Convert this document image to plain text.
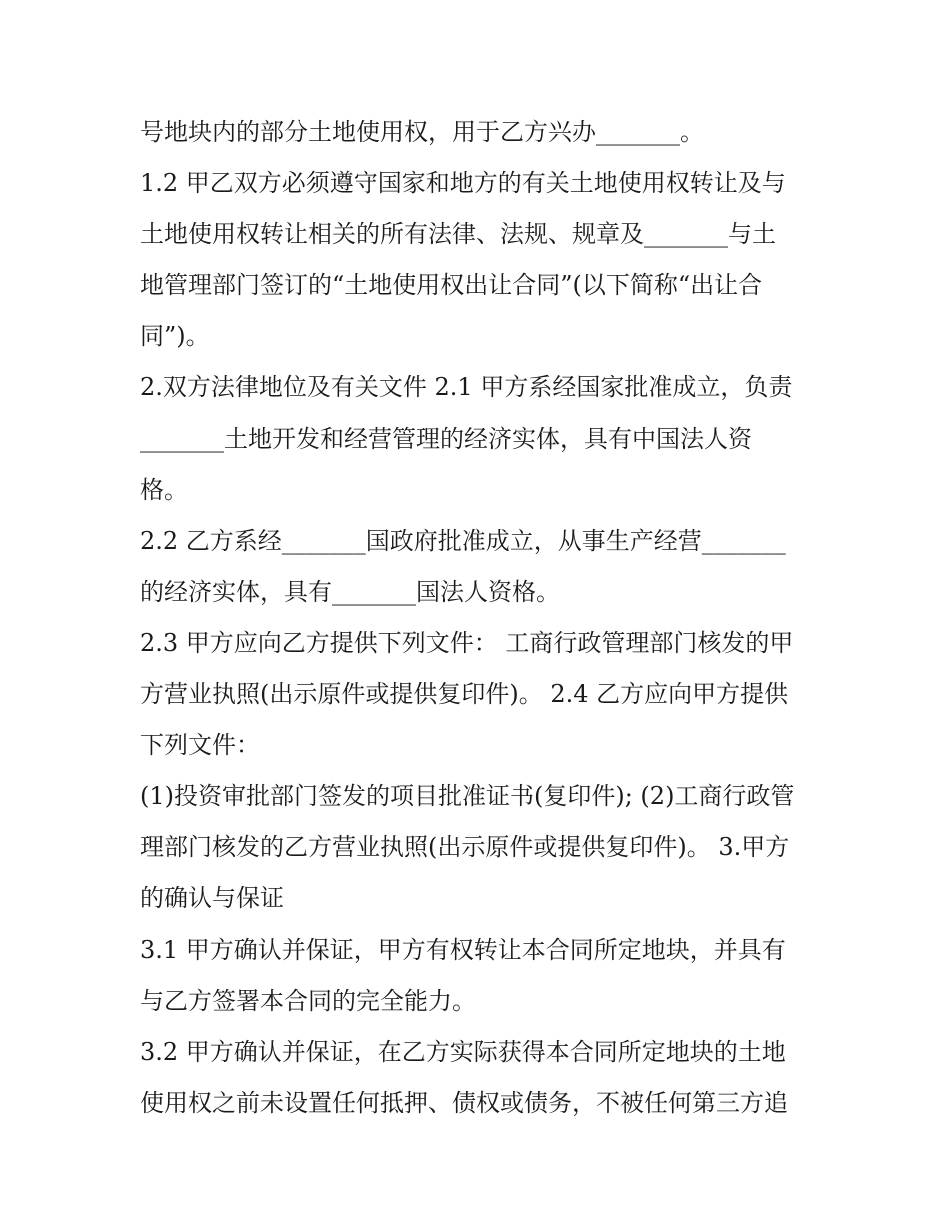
号地块内的部分土地使用权，用于乙方兴办_______。
1.2 甲乙双方必须遵守国家和地方的有关土地使用权转让及与
土地使用权转让相关的所有法律、法规、规章及_______与土
地管理部门签订的“土地使用权出让合同”(以下简称“出让合
同”)。
2.双方法律地位及有关文件 2.1 甲方系经国家批准成立，负责
_______土地开发和经营管理的经济实体，具有中国法人资
格。
2.2 乙方系经_______国政府批准成立，从事生产经营_______
的经济实体，具有_______国法人资格。
2.3 甲方应向乙方提供下列文件： 工商行政管理部门核发的甲
方营业执照(出示原件或提供复印件)。 2.4 乙方应向甲方提供
下列文件：
(1)投资审批部门签发的项目批准证书(复印件); (2)工商行政管
理部门核发的乙方营业执照(出示原件或提供复印件)。 3.甲方
的确认与保证
3.1 甲方确认并保证，甲方有权转让本合同所定地块，并具有
与乙方签署本合同的完全能力。
3.2 甲方确认并保证，在乙方实际获得本合同所定地块的土地
使用权之前未设置任何抵押、债权或债务，不被任何第三方追
